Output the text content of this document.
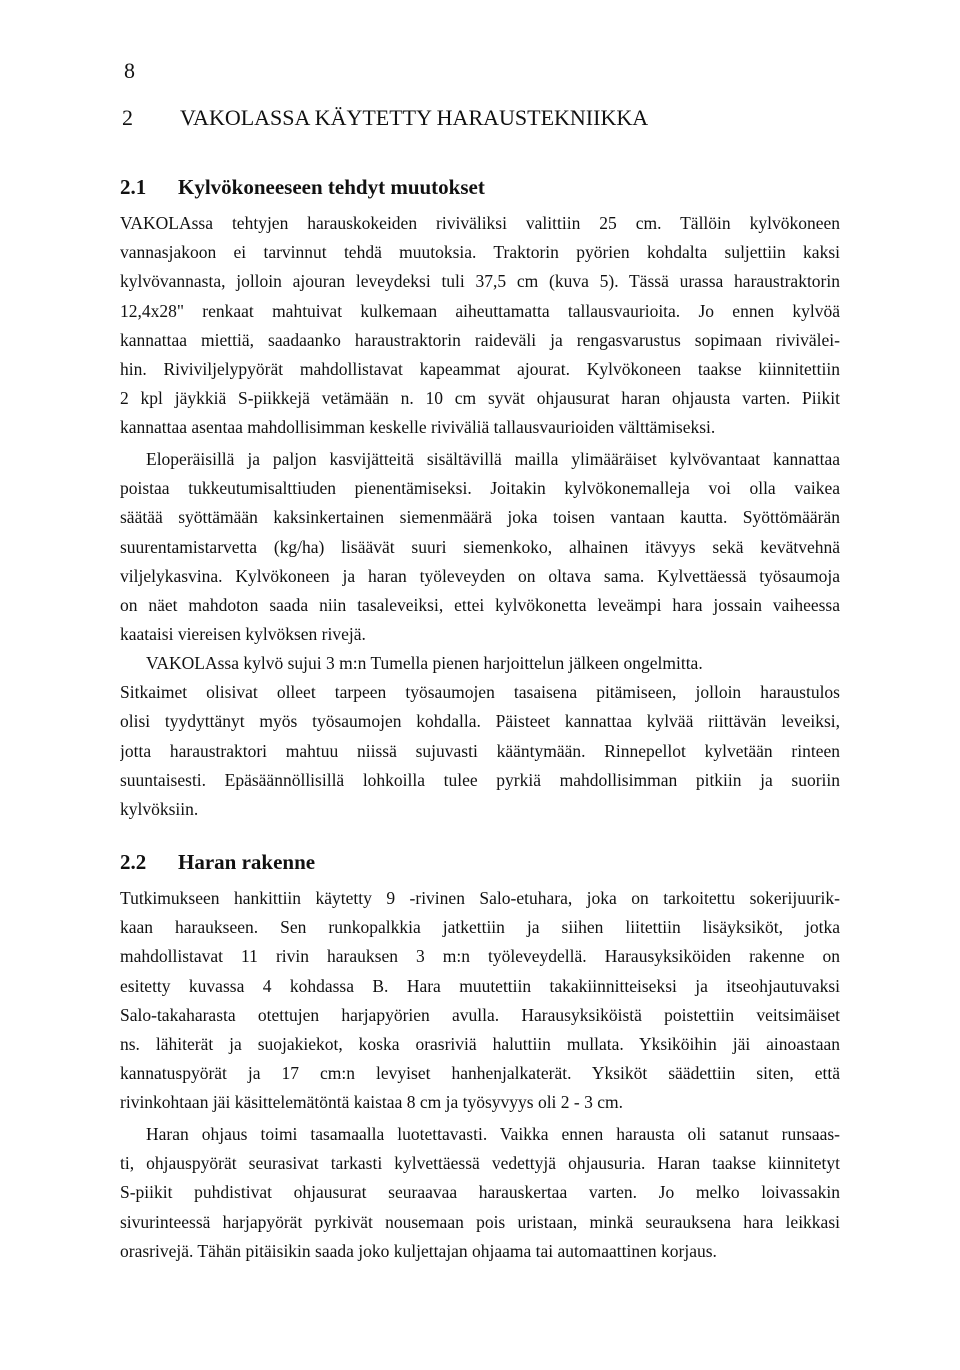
8
2 VAKOLASSA KÄYTETTY HARAUSTEKNIIKKA
2.1 Kylvökoneeseen tehdyt muutokset
VAKOLAssa tehtyjen harauskokeiden riviväliksi valittiin 25 cm. Tällöin kylvökoneen
vannasjakoon ei tarvinnut tehdä muutoksia. Traktorin pyörien kohdalta suljettiin kaksi
kylvövannasta, jolloin ajouran leveydeksi tuli 37,5 cm (kuva 5). Tässä urassa haraustraktorin
12,4x28" renkaat mahtuivat kulkemaan aiheuttamatta tallausvaurioita. Jo ennen kylvöä
kannattaa miettiä, saadaanko haraustraktorin raideväli ja rengasvarustus sopimaan rivivälei-
hin. Riviviljelypyörät mahdollistavat kapeammat ajourat. Kylvökoneen taakse kiinnitettiin
2 kpl jäykkiä S-piikkejä vetämään n. 10 cm syvät ohjausurat haran ohjausta varten. Piikit
kannattaa asentaa mahdollisimman keskelle riviväliä tallausvaurioiden välttämiseksi.
Eloperäisillä ja paljon kasvijätteitä sisältävillä mailla ylimääräiset kylvövantaat kannattaa
poistaa tukkeutumisalttiuden pienentämiseksi. Joitakin kylvökonemalleja voi olla vaikea
säätää syöttämään kaksinkertainen siemenmäärä joka toisen vantaan kautta. Syöttömäärän
suurentamistarvetta (kg/ha) lisäävät suuri siemenkoko, alhainen itävyys sekä kevätvehnä
viljelykasvina. Kylvökoneen ja haran työleveyden on oltava sama. Kylvettäessä työsaumoja
on näet mahdoton saada niin tasaleveiksi, ettei kylvökonetta leveämpi hara jossain vaiheessa
kaataisi viereisen kylvöksen rivejä.
VAKOLAssa kylvö sujui 3 m:n Tumella pienen harjoittelun jälkeen ongelmitta.
Sitkaimet olisivat olleet tarpeen työsaumojen tasaisena pitämiseen, jolloin haraustulos
olisi tyydyttänyt myös työsaumojen kohdalla. Päisteet kannattaa kylvää riittävän leveiksi,
jotta haraustraktori mahtuu niissä sujuvasti kääntymään. Rinnepellot kylvetään rinteen
suuntaisesti. Epäsäännöllisillä lohkoilla tulee pyrkiä mahdollisimman pitkiin ja suoriin
kylvöksiin.
2.2 Haran rakenne
Tutkimukseen hankittiin käytetty 9 -rivinen Salo-etuhara, joka on tarkoitettu sokerijuurik-
kaan harаukseen. Sen runkopalkkia jatkettiin ja siihen liitettiin lisäyksiköt, jotka
mahdollistavat 11 rivin harauksen 3 m:n työleveydellä. Harausyksiköiden rakenne on
esitetty kuvassa 4 kohdassa B. Hara muutettiin takakiinnitteiseksi ja itseohjautuvaksi
Salo-takaharasta otettujen harjapyörien avulla. Harausyksiköistä poistettiin veitsimäiset
ns. lähiterät ja suojakiekot, koska orasriviä haluttiin mullata. Yksiköihin jäi ainoastaan
kannatuspyörät ja 17 cm:n levyiset hanhenjalkaterät. Yksiköt säädettiin siten, että
rivinkohtaan jäi käsittelemätöntä kaistaa 8 cm ja työsyvyys oli 2 - 3 cm.
Haran ohjaus toimi tasamaalla luotettavasti. Vaikka ennen harausta oli satanut runsaas-
ti, ohjauspyörät seurasivat tarkasti kylvettäessä vedettyjä ohjausuria. Haran taakse kiinnitetyt
S-piikit puhdistivat ohjausurat seuraavaa harauskertaa varten. Jo melko loivassakin
sivurinteessä harjapyörät pyrkivät nousemaan pois uristaan, minkä seurauksena hara leikkasi
orasrivejä. Tähän pitäisikin saada joko kuljettajan ohjaama tai automaattinen korjaus.
